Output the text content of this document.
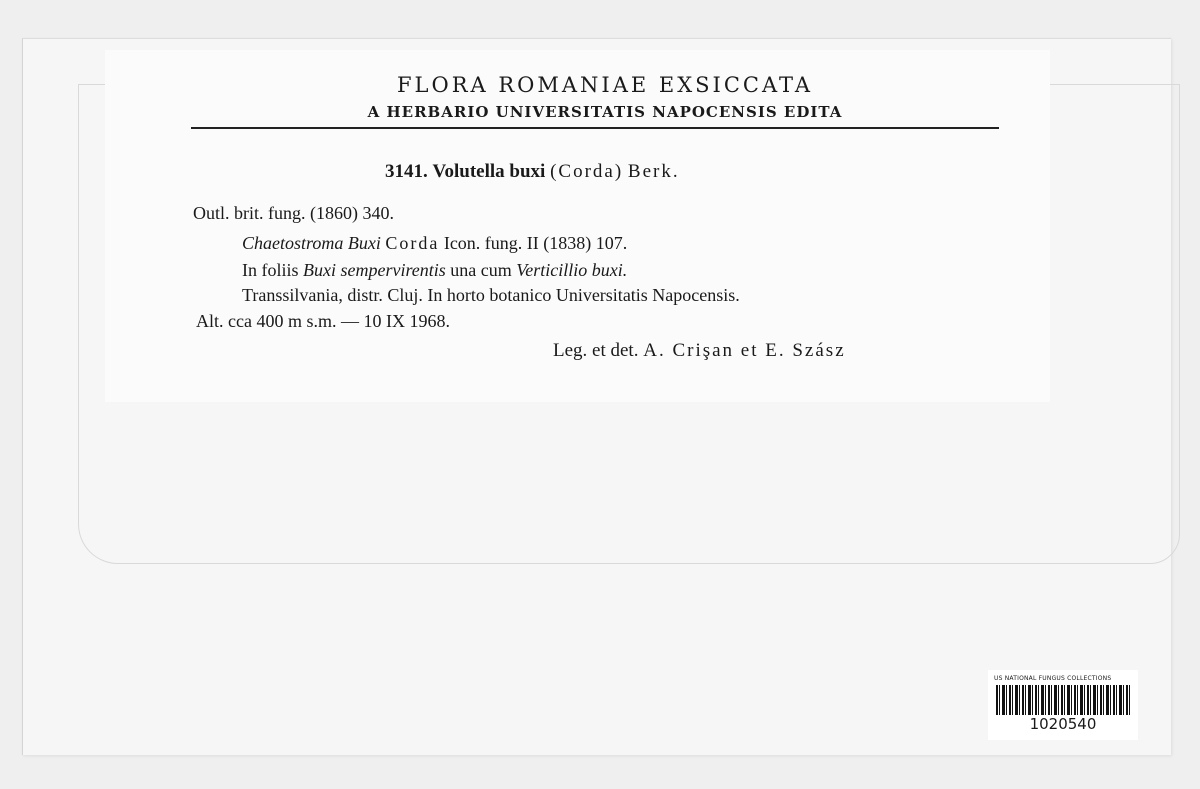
FLORA ROMANIAE EXSICCATA
A HERBARIO UNIVERSITATIS NAPOCENSIS EDITA
3141. Volutella buxi (Corda) Berk.
Outl. brit. fung. (1860) 340.
Chaetostroma Buxi Corda Icon. fung. II (1838) 107.
In foliis Buxi sempervirentis una cum Verticillio buxi.
Transsilvania, distr. Cluj. In horto botanico Universitatis Napocensis.
Alt. cca 400 m s.m. — 10 IX 1968.
Leg. et det. A. Crişan et E. Szász
US NATIONAL FUNGUS COLLECTIONS
1020540
